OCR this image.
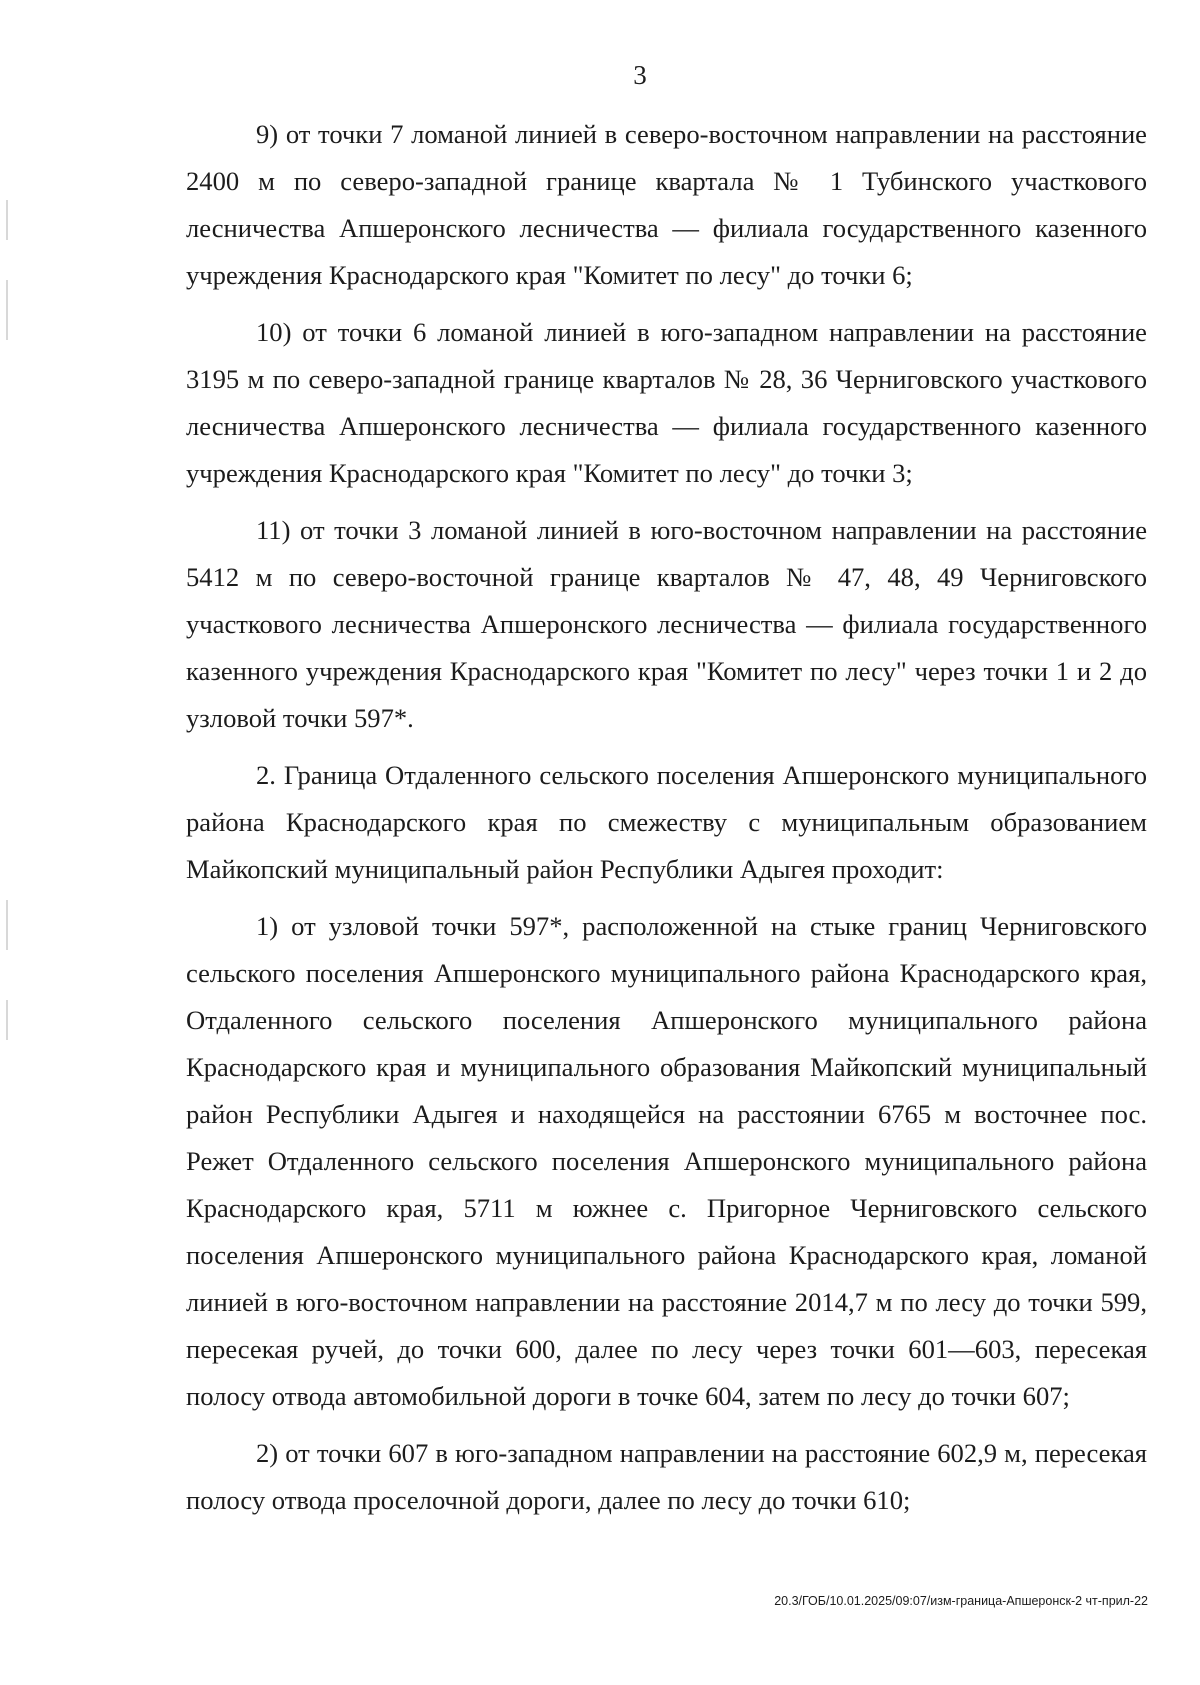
3

9) от точки 7 ломаной линией в северо-восточном направлении на расстояние 2400 м по северо-западной границе квартала № 1 Тубинского участкового лесничества Апшеронского лесничества — филиала государственного казенного учреждения Краснодарского края "Комитет по лесу" до точки 6;

10) от точки 6 ломаной линией в юго-западном направлении на расстояние 3195 м по северо-западной границе кварталов № 28, 36 Черниговского участкового лесничества Апшеронского лесничества — филиала государственного казенного учреждения Краснодарского края "Комитет по лесу" до точки 3;

11) от точки 3 ломаной линией в юго-восточном направлении на расстояние 5412 м по северо-восточной границе кварталов № 47, 48, 49 Черниговского участкового лесничества Апшеронского лесничества — филиала государственного казенного учреждения Краснодарского края "Комитет по лесу" через точки 1 и 2 до узловой точки 597*.

2. Граница Отдаленного сельского поселения Апшеронского муниципального района Краснодарского края по смежеству с муниципальным образованием Майкопский муниципальный район Республики Адыгея проходит:

1) от узловой точки 597*, расположенной на стыке границ Черниговского сельского поселения Апшеронского муниципального района Краснодарского края, Отдаленного сельского поселения Апшеронского муниципального района Краснодарского края и муниципального образования Майкопский муниципальный район Республики Адыгея и находящейся на расстоянии 6765 м восточнее пос. Режет Отдаленного сельского поселения Апшеронского муниципального района Краснодарского края, 5711 м южнее с. Пригорное Черниговского сельского поселения Апшеронского муниципального района Краснодарского края, ломаной линией в юго-восточном направлении на расстояние 2014,7 м по лесу до точки 599, пересекая ручей, до точки 600, далее по лесу через точки 601—603, пересекая полосу отвода автомобильной дороги в точке 604, затем по лесу до точки 607;

2) от точки 607 в юго-западном направлении на расстояние 602,9 м, пересекая полосу отвода проселочной дороги, далее по лесу до точки 610;

20.3/ГОБ/10.01.2025/09:07/изм-граница-Апшеронск-2 чт-прил-22
